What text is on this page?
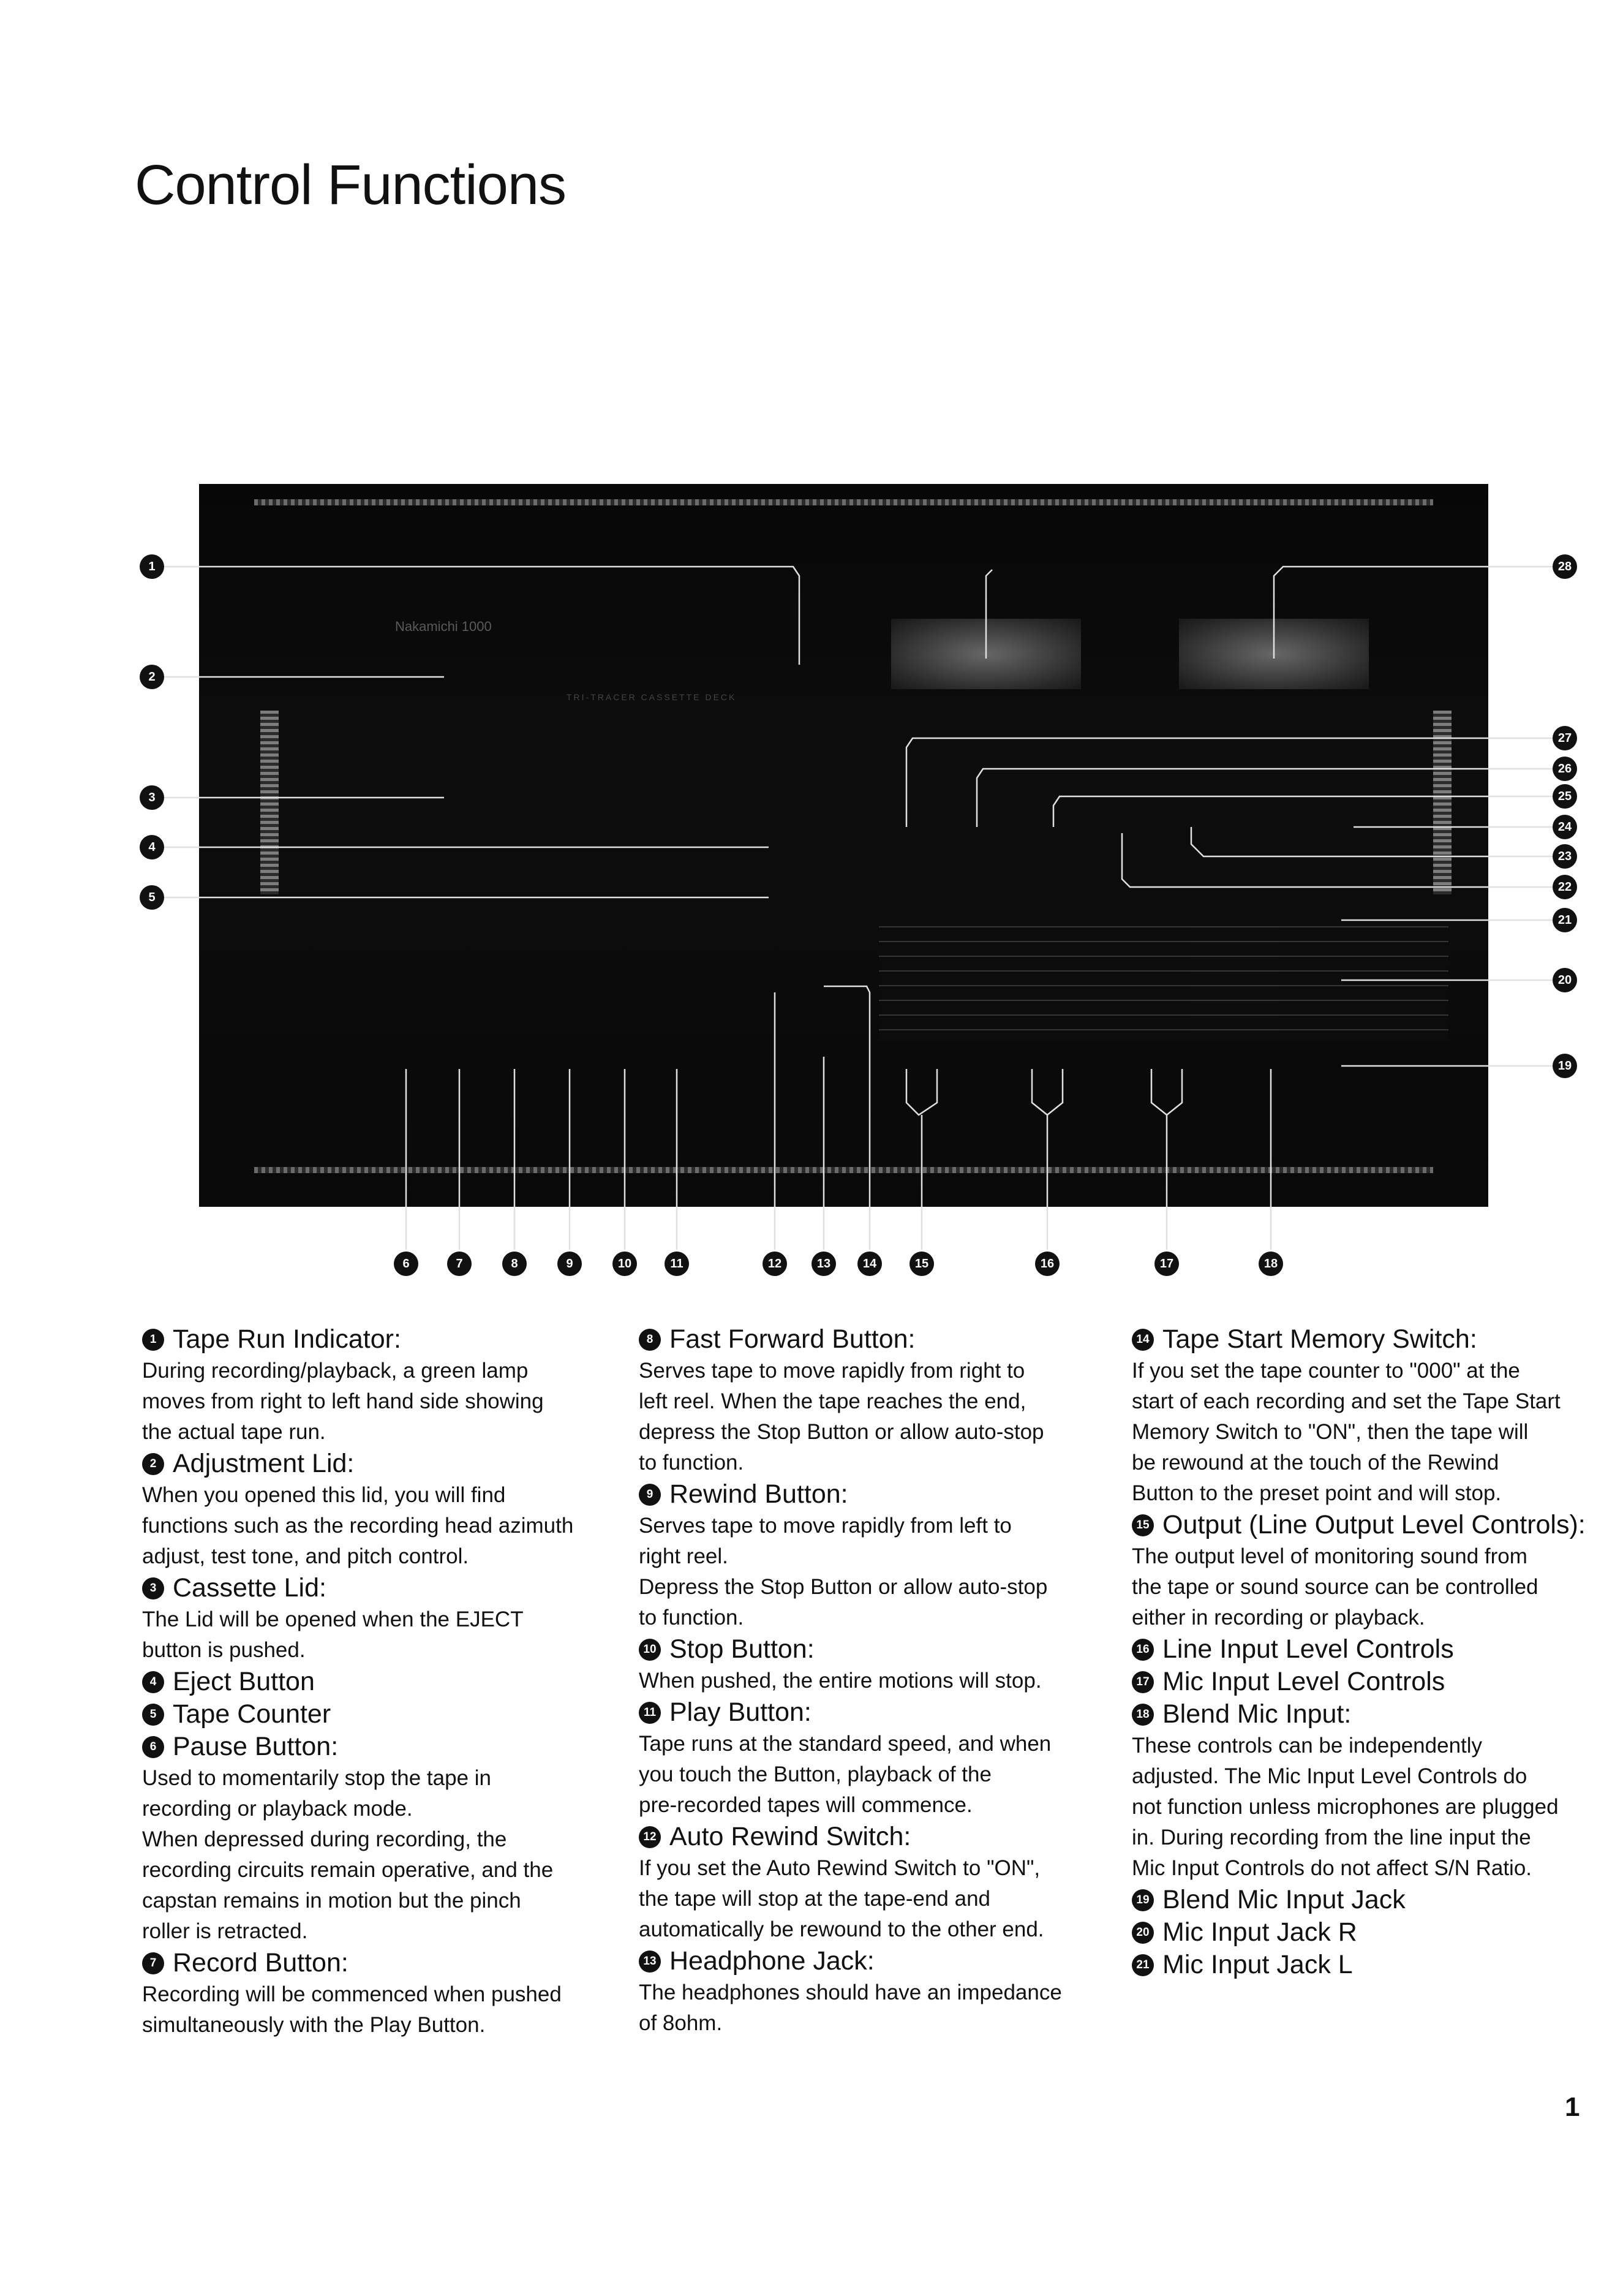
Control Functions
Nakamichi 1000
TRI-TRACER CASSETTE DECK
1
2
3
4
5
6	7	8	9	10	11	12	13	14	15	16	17	18
19
20
21
22
23
24
25
26
27
28
1 Tape Run Indicator:

During recording/playback, a green lamp
moves from right to left hand side showing
the actual tape run.

2 Adjustment Lid:

When you opened this lid, you will find
functions such as the recording head azimuth
adjust, test tone, and pitch control.

3 Cassette Lid:

The Lid will be opened when the EJECT
button is pushed.

4 Eject Button
5 Tape Counter
6 Pause Button:

Used to momentarily stop the tape in
recording or playback mode.
When depressed during recording, the
recording circuits remain operative, and the
capstan remains in motion but the pinch
roller is retracted.

7 Record Button:

Recording will be commenced when pushed
simultaneously with the Play Button.

8 Fast Forward Button:

Serves tape to move rapidly from right to
left reel. When the tape reaches the end,
depress the Stop Button or allow auto-stop
to function.

9 Rewind Button:

Serves tape to move rapidly from left to
right reel.
Depress the Stop Button or allow auto-stop
to function.

10 Stop Button:

When pushed, the entire motions will stop.

11 Play Button:

Tape runs at the standard speed, and when
you touch the Button, playback of the
pre-recorded tapes will commence.

12 Auto Rewind Switch:

If you set the Auto Rewind Switch to "ON",
the tape will stop at the tape-end and
automatically be rewound to the other end.

13 Headphone Jack:

The headphones should have an impedance
of 8ohm.

14 Tape Start Memory Switch:

If you set the tape counter to "000" at the
start of each recording and set the Tape Start
Memory Switch to "ON", then the tape will
be rewound at the touch of the Rewind
Button to the preset point and will stop.

15 Output (Line Output Level Controls):

The output level of monitoring sound from
the tape or sound source can be controlled
either in recording or playback.

16 Line Input Level Controls
17 Mic Input Level Controls
18 Blend Mic Input:

These controls can be independently
adjusted. The Mic Input Level Controls do
not function unless microphones are plugged
in. During recording from the line input the
Mic Input Controls do not affect S/N Ratio.

19 Blend Mic Input Jack
20 Mic Input Jack R
21 Mic Input Jack L
1
